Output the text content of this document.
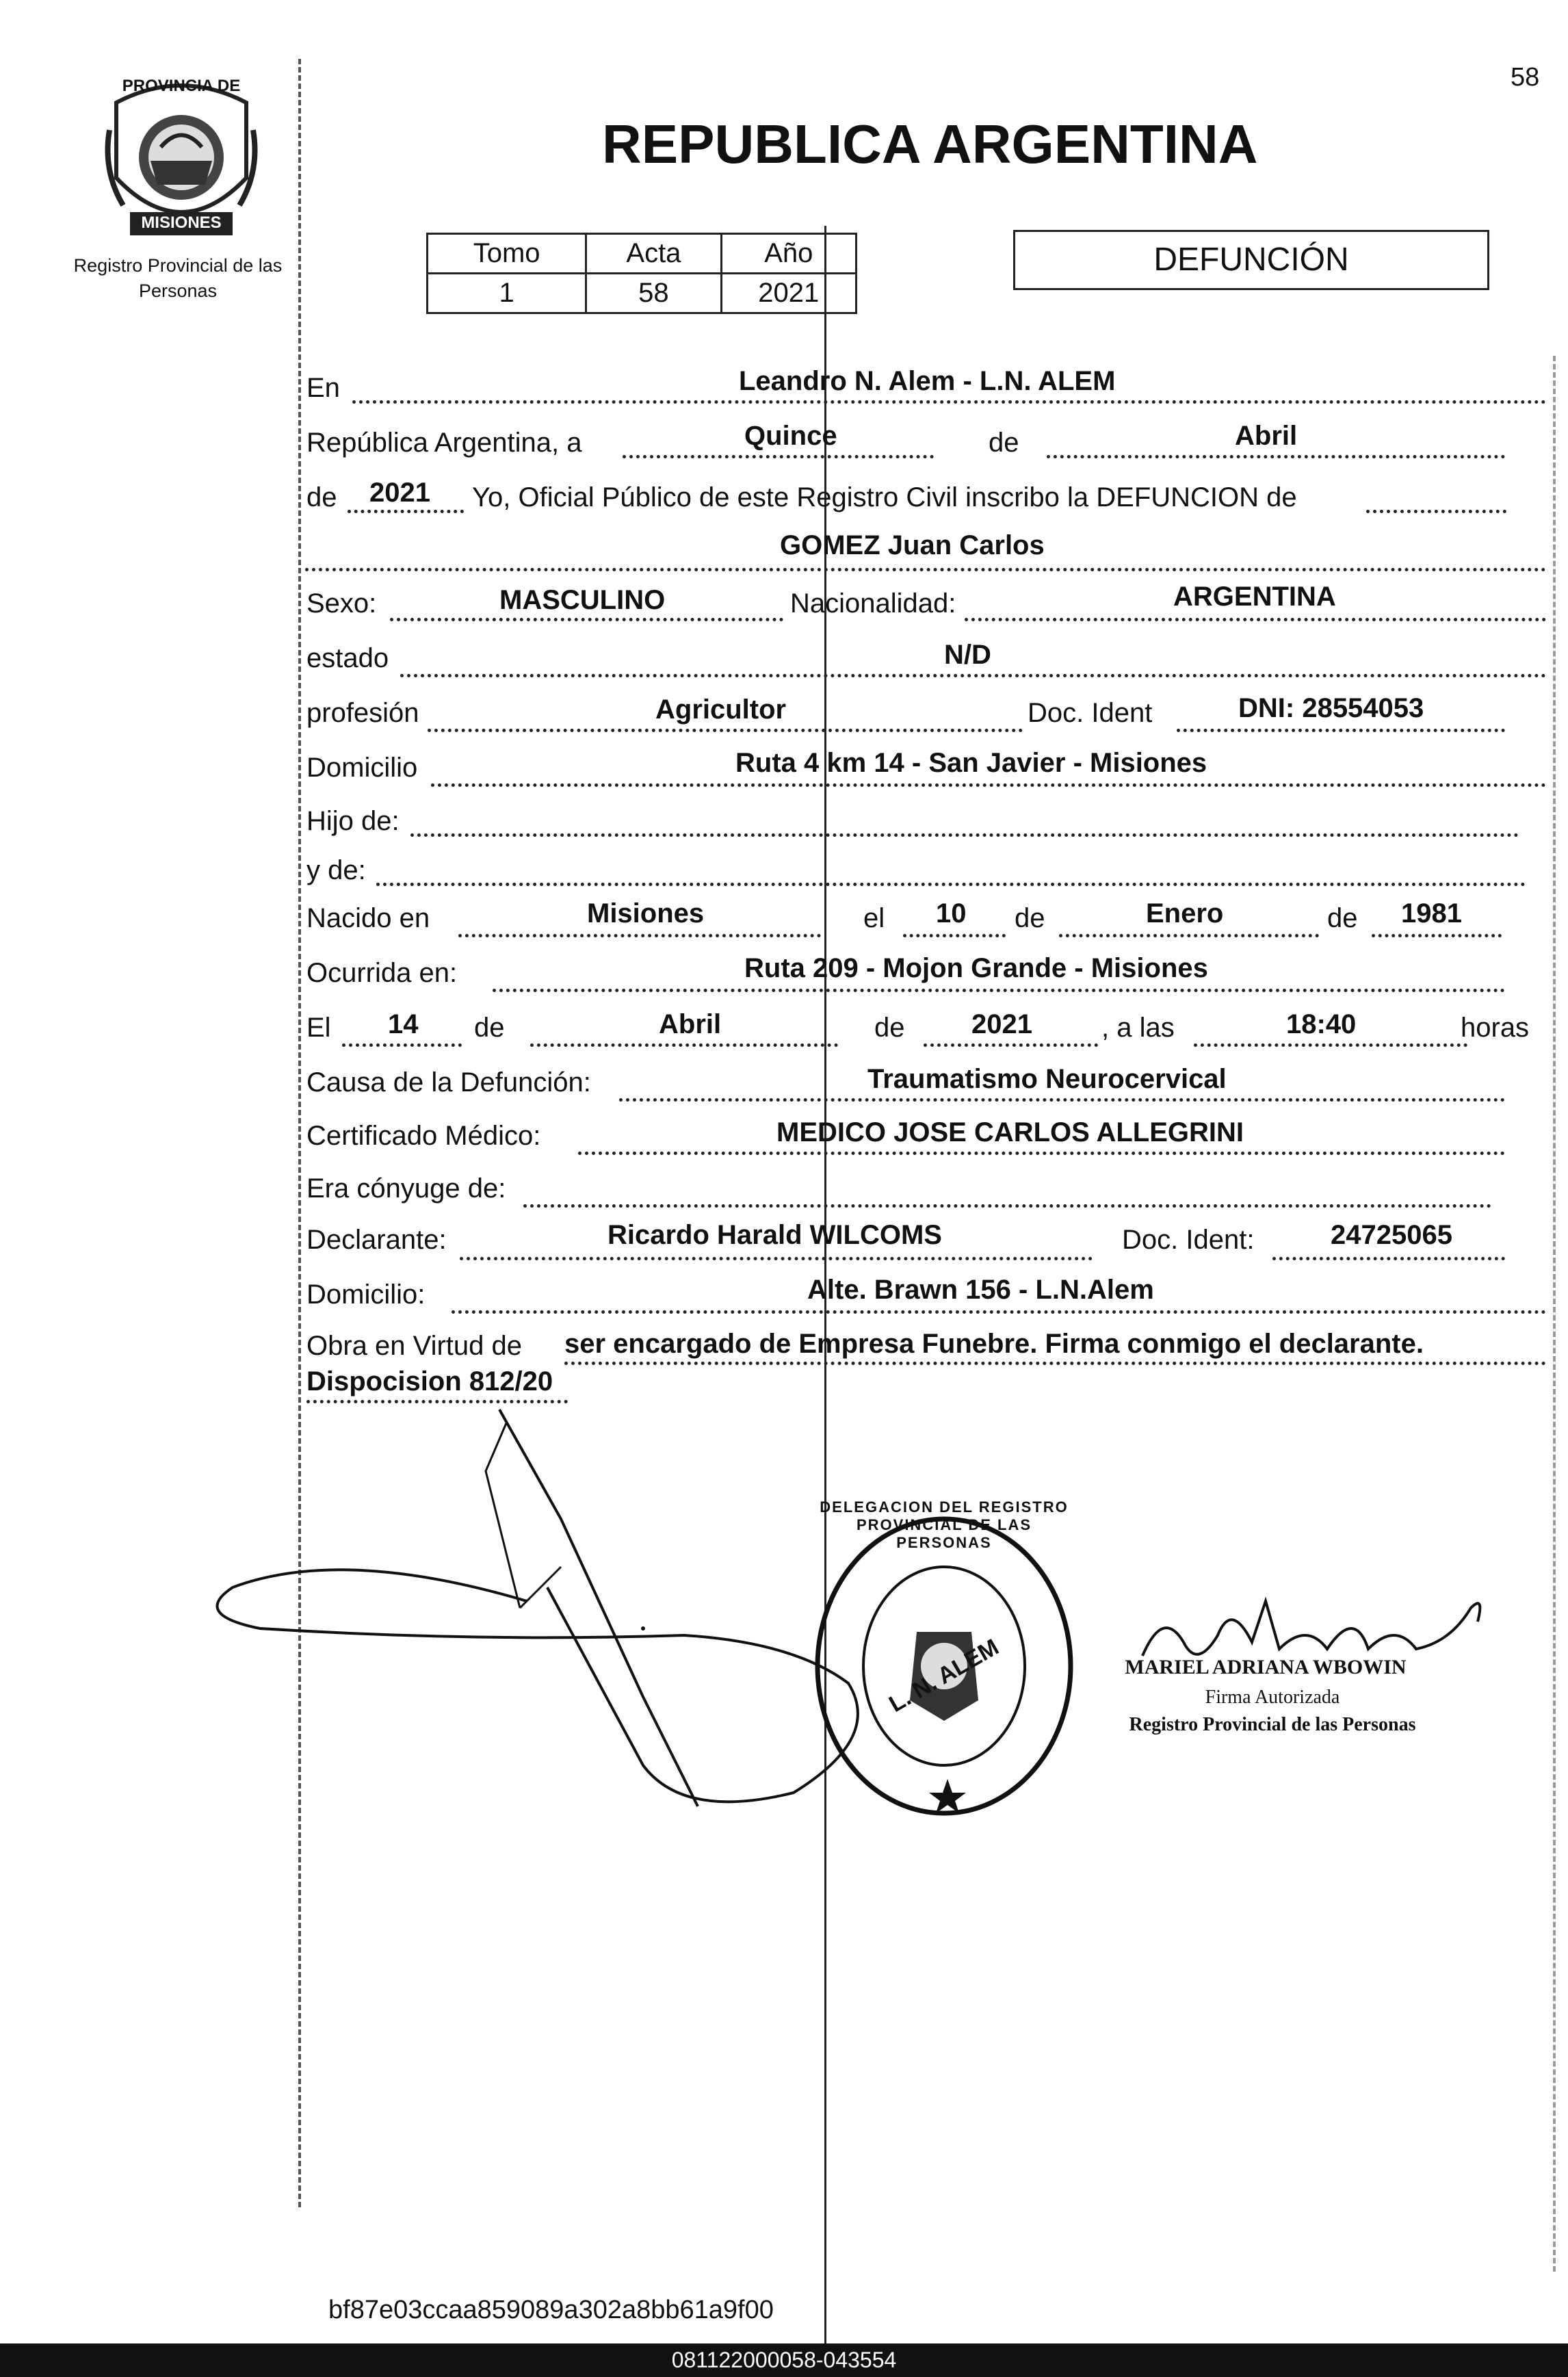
58
PROVINCIA DE
MISIONES
Registro Provincial de las Personas
REPUBLICA ARGENTINA
Tomo	Acta	Año
1	58	2021
DEFUNCIÓN
En	Leandro N. Alem - L.N. ALEM
República Argentina, a	Quince	de	Abril
de 2021 Yo, Oficial Público de este Registro Civil inscribo la DEFUNCION de
GOMEZ Juan Carlos
Sexo:	MASCULINO	Nacionalidad:	ARGENTINA
estado	N/D
profesión	Agricultor	Doc. Ident	DNI: 28554053
Domicilio	Ruta 4 km 14 - San Javier - Misiones
Hijo de:
y de:
Nacido en	Misiones	el 10 de	Enero	de 1981
Ocurrida en:	Ruta 209 - Mojon Grande - Misiones
El 14 de	Abril	de 2021	, a las	18:40	horas
Causa de la Defunción:	Traumatismo Neurocervical
Certificado Médico:	MEDICO JOSE CARLOS ALLEGRINI
Era cónyuge de:
Declarante:	Ricardo Harald WILCOMS	Doc. Ident:	24725065
Domicilio:	Alte. Brawn 156 - L.N.Alem
Obra en Virtud de ser encargado de Empresa Funebre. Firma conmigo el declarante.
Dispocision 812/20
L. N. ALEM
DELEGACION DEL REGISTRO PROVINCIAL DE LAS PERSONAS
MARIEL ADRIANA WBOWIN
Firma Autorizada
Registro Provincial de las Personas
bf87e03ccaa859089a302a8bb61a9f00
081122000058-043554
